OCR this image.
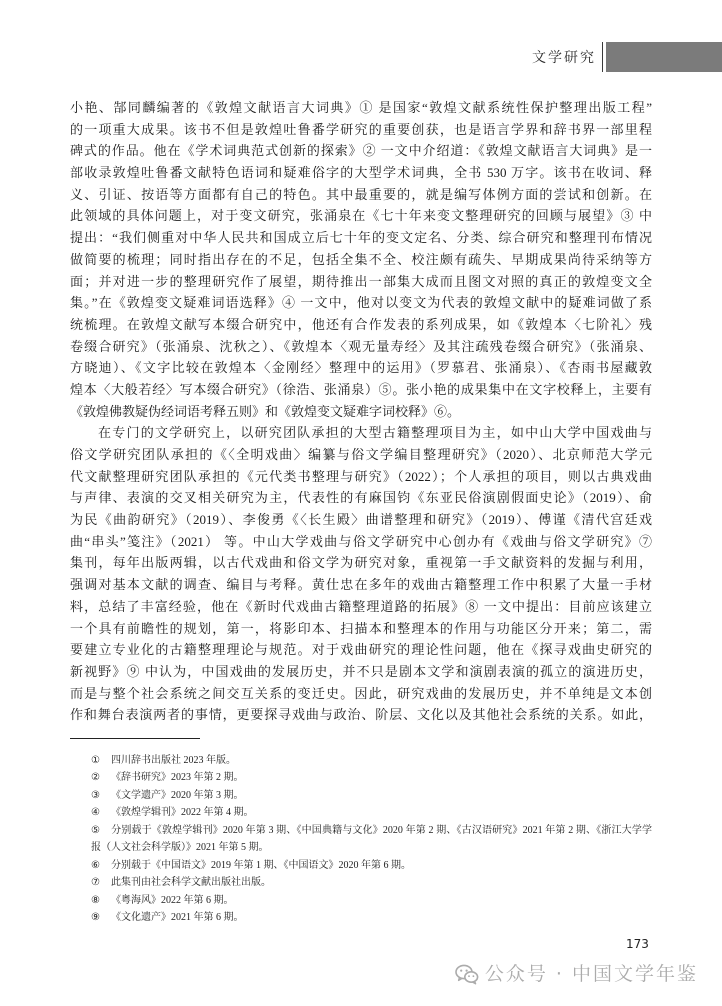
文学研究
小艳、郜同麟编著的《敦煌文献语言大词典》① 是国家“敦煌文献系统性保护整理出版工程”
的一项重大成果。该书不但是敦煌吐鲁番学研究的重要创获，也是语言学界和辞书界一部里程
碑式的作品。他在《学术词典范式创新的探索》② 一文中介绍道：《敦煌文献语言大词典》是一
部收录敦煌吐鲁番文献特色语词和疑难俗字的大型学术词典，全书 530 万字。该书在收词、释
义、引证、按语等方面都有自己的特色。其中最重要的，就是编写体例方面的尝试和创新。在
此领域的具体问题上，对于变文研究，张涌泉在《七十年来变文整理研究的回顾与展望》③ 中
提出：“我们侧重对中华人民共和国成立后七十年的变文定名、分类、综合研究和整理刊布情况
做简要的梳理；同时指出存在的不足，包括全集不全、校注颇有疏失、早期成果尚待采纳等方
面；并对进一步的整理研究作了展望，期待推出一部集大成而且图文对照的真正的敦煌变文全
集。”在《敦煌变文疑难词语选释》④ 一文中，他对以变文为代表的敦煌文献中的疑难词做了系
统梳理。在敦煌文献写本缀合研究中，他还有合作发表的系列成果，如《敦煌本〈七阶礼〉残
卷缀合研究》（张涌泉、沈秋之）、《敦煌本〈观无量寿经〉及其注疏残卷缀合研究》（张涌泉、
方晓迪）、《文字比较在敦煌本〈金刚经〉整理中的运用》（罗慕君、张涌泉）、《杏雨书屋藏敦
煌本〈大般若经〉写本缀合研究》（徐浩、张涌泉）⑤。张小艳的成果集中在文字校释上，主要有
《敦煌佛教疑伪经词语考释五则》和《敦煌变文疑难字词校释》⑥。
在专门的文学研究上，以研究团队承担的大型古籍整理项目为主，如中山大学中国戏曲与
俗文学研究团队承担的《〈全明戏曲〉编纂与俗文学编目整理研究》（2020）、北京师范大学元
代文献整理研究团队承担的《元代类书整理与研究》（2022）；个人承担的项目，则以古典戏曲
与声律、表演的交叉相关研究为主，代表性的有麻国钧《东亚民俗演剧假面史论》（2019）、俞
为民《曲韵研究》（2019）、李俊勇《〈长生殿〉曲谱整理和研究》（2019）、傅谨《清代宫廷戏
曲“串头”笺注》（2021） 等。中山大学戏曲与俗文学研究中心创办有《戏曲与俗文学研究》⑦
集刊，每年出版两辑，以古代戏曲和俗文学为研究对象，重视第一手文献资料的发掘与利用，
强调对基本文献的调查、编目与考释。黄仕忠在多年的戏曲古籍整理工作中积累了大量一手材
料，总结了丰富经验，他在《新时代戏曲古籍整理道路的拓展》⑧ 一文中提出：目前应该建立
一个具有前瞻性的规划，第一，将影印本、扫描本和整理本的作用与功能区分开来；第二，需
要建立专业化的古籍整理理论与规范。对于戏曲研究的理论性问题，他在《探寻戏曲史研究的
新视野》⑨ 中认为，中国戏曲的发展历史，并不只是剧本文学和演剧表演的孤立的演进历史，
而是与整个社会系统之间交互关系的变迁史。因此，研究戏曲的发展历史，并不单纯是文本创
作和舞台表演两者的事情，更要探寻戏曲与政治、阶层、文化以及其他社会系统的关系。如此，
① 四川辞书出版社 2023 年版。
② 《辞书研究》2023 年第 2 期。
③ 《文学遗产》2020 年第 3 期。
④ 《敦煌学辑刊》2022 年第 4 期。
⑤ 分别载于《敦煌学辑刊》2020 年第 3 期、《中国典籍与文化》2020 年第 2 期、《古汉语研究》2021 年第 2 期、《浙江大学学报（人文社会科学版）》2021 年第 5 期。
⑥ 分别载于《中国语文》2019 年第 1 期、《中国语文》2020 年第 6 期。
⑦ 此集刊由社会科学文献出版社出版。
⑧ 《粤海风》2022 年第 6 期。
⑨ 《文化遗产》2021 年第 6 期。
173
公众号 · 中国文学年鉴
